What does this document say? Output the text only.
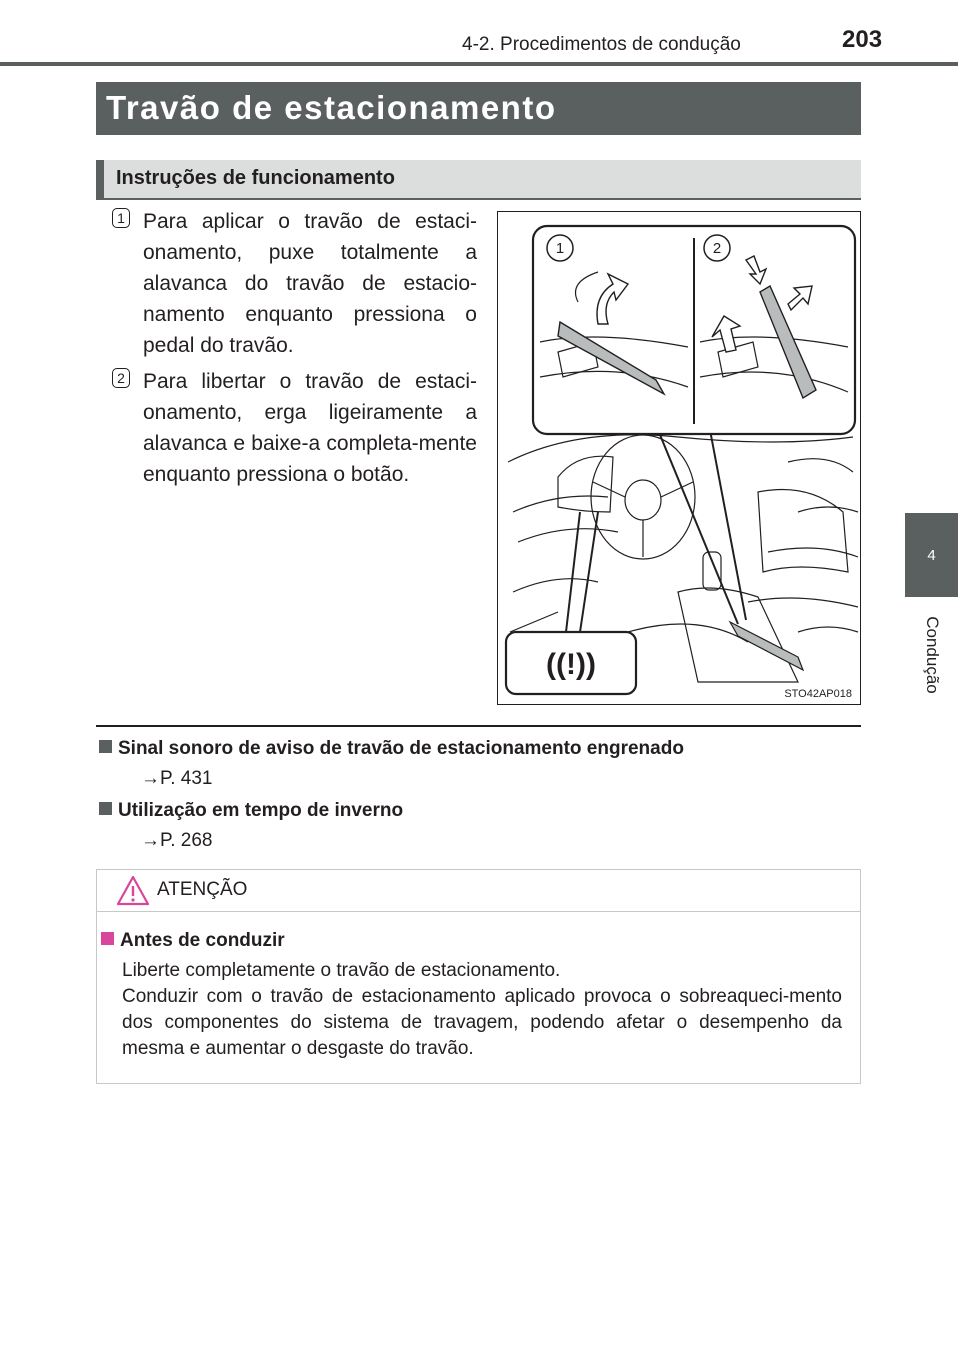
4-2. Procedimentos de condução	203
4
Condução
Travão de estacionamento
Instruções de funcionamento
1 Para aplicar o travão de estaci-onamento, puxe totalmente a alavanca do travão de estacio-namento enquanto pressiona o pedal do travão.
2 Para libertar o travão de estaci-onamento, erga ligeiramente a alavanca e baixe-a completa-mente enquanto pressiona o botão.
1	2
((!))
STO42AP018
Sinal sonoro de aviso de travão de estacionamento engrenado
→P. 431
Utilização em tempo de inverno
→P. 268
ATENÇÃO
Antes de conduzir

Liberte completamente o travão de estacionamento.

Conduzir com o travão de estacionamento aplicado provoca o sobreaqueci-mento dos componentes do sistema de travagem, podendo afetar o desempenho da mesma e aumentar o desgaste do travão.
